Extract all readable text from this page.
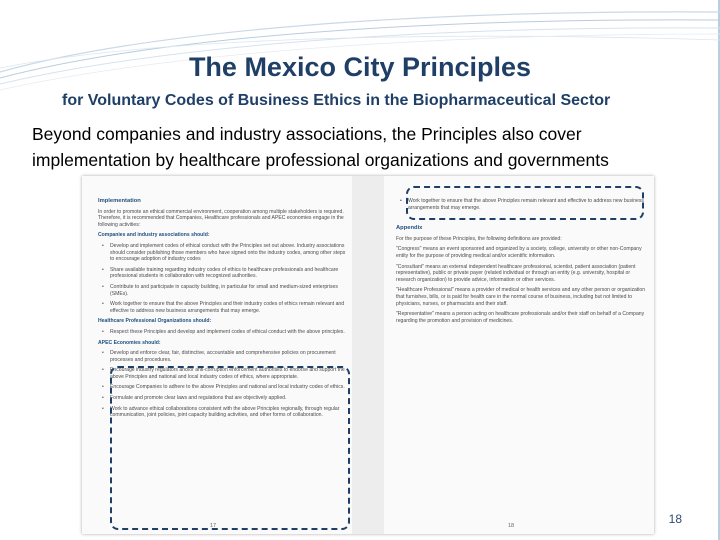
The Mexico City Principles
for Voluntary Codes of Business Ethics in the Biopharmaceutical Sector
Beyond companies and industry associations, the Principles also cover
implementation by healthcare professional organizations and governments
Implementation
In order to promote an ethical commercial environment, cooperation among multiple stakeholders is required. Therefore, it is recommended that Companies, Healthcare professionals and APEC economies engage in the following activities:
Companies and industry associations should:
• Develop and implement codes of ethical conduct with the Principles set out above. Industry associations should consider publishing those members who have signed onto the industry codes, among other steps to encourage adoption of industry codes
• Share available training regarding industry codes of ethics to healthcare professionals and healthcare professional students in collaboration with recognized authorities.
• Contribute to and participate in capacity building, in particular for small and medium-sized enterprises (SMEs).
• Work together to ensure that the above Principles and their industry codes of ethics remain relevant and effective to address new business arrangements that may emerge.
Healthcare Professional Organizations should:
• Respect these Principles and develop and implement codes of ethical conduct with the above principles.
APEC Economies should:
• Develop and enforce clear, fair, distinctive, accountable and comprehensive policies on procurement processes and procedures.
• Encourage industry regulators and/or anti-corruption enforcement authorities to endorse and support the above Principles and national and local industry codes of ethics, where appropriate.
• Encourage Companies to adhere to the above Principles and national and local industry codes of ethics.
• Formulate and promote clear laws and regulations that are objectively applied.
• Work to advance ethical collaborations consistent with the above Principles regionally, through regular communication, joint policies, joint capacity building activities, and other forms of collaboration.
17
• Work together to ensure that the above Principles remain relevant and effective to address new business arrangements that may emerge.
Appendix
For the purpose of these Principles, the following definitions are provided:
"Congress" means an event sponsored and organized by a society, college, university or other non-Company entity for the purpose of providing medical and/or scientific information.
"Consultant" means an external independent healthcare professional, scientist, patient association (patient representative), public or private payer (related individual or through an entity (e.g. university, hospital or research organization) to provide advice, information or other services.
"Healthcare Professional" means a provider of medical or health services and any other person or organization that furnishes, bills, or is paid for health care in the normal course of business, including but not limited to physicians, nurses, or pharmacists and their staff.
"Representative" means a person acting on healthcare professionals and/or their staff on behalf of a Company regarding the promotion and provision of medicines.
18	18
